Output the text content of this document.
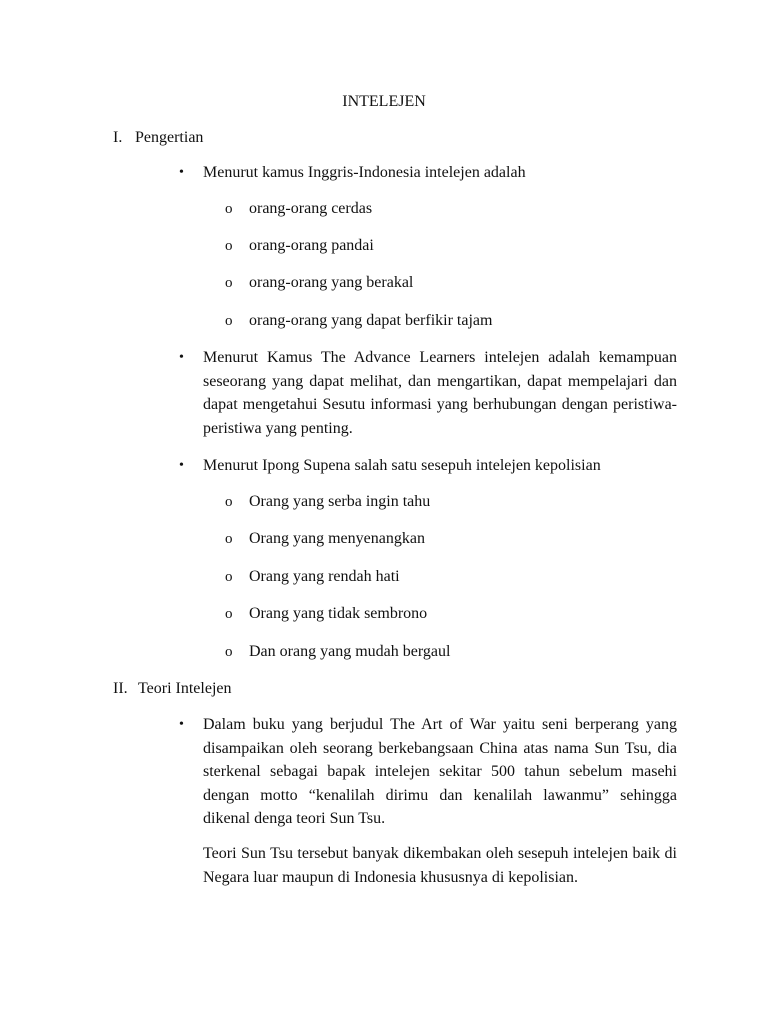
INTELEJEN
I. Pengertian
• Menurut kamus Inggris-Indonesia intelejen adalah
o orang-orang cerdas
o orang-orang pandai
o orang-orang yang berakal
o orang-orang yang dapat berfikir tajam
• Menurut Kamus The Advance Learners intelejen adalah kemampuan seseorang yang dapat melihat, dan mengartikan, dapat mempelajari dan dapat mengetahui Sesutu informasi yang berhubungan dengan peristiwa-peristiwa yang penting.
• Menurut Ipong Supena salah satu sesepuh intelejen kepolisian
o Orang yang serba ingin tahu
o Orang yang menyenangkan
o Orang yang rendah hati
o Orang yang tidak sembrono
o Dan orang yang mudah bergaul
II. Teori Intelejen
• Dalam buku yang berjudul The Art of War yaitu seni berperang yang disampaikan oleh seorang berkebangsaan China atas nama Sun Tsu, dia sterkenal sebagai bapak intelejen sekitar 500 tahun sebelum masehi dengan motto “kenalilah dirimu dan kenalilah lawanmu” sehingga dikenal denga teori Sun Tsu.
Teori Sun Tsu tersebut banyak dikembakan oleh sesepuh intelejen baik di Negara luar maupun di Indonesia khususnya di kepolisian.
